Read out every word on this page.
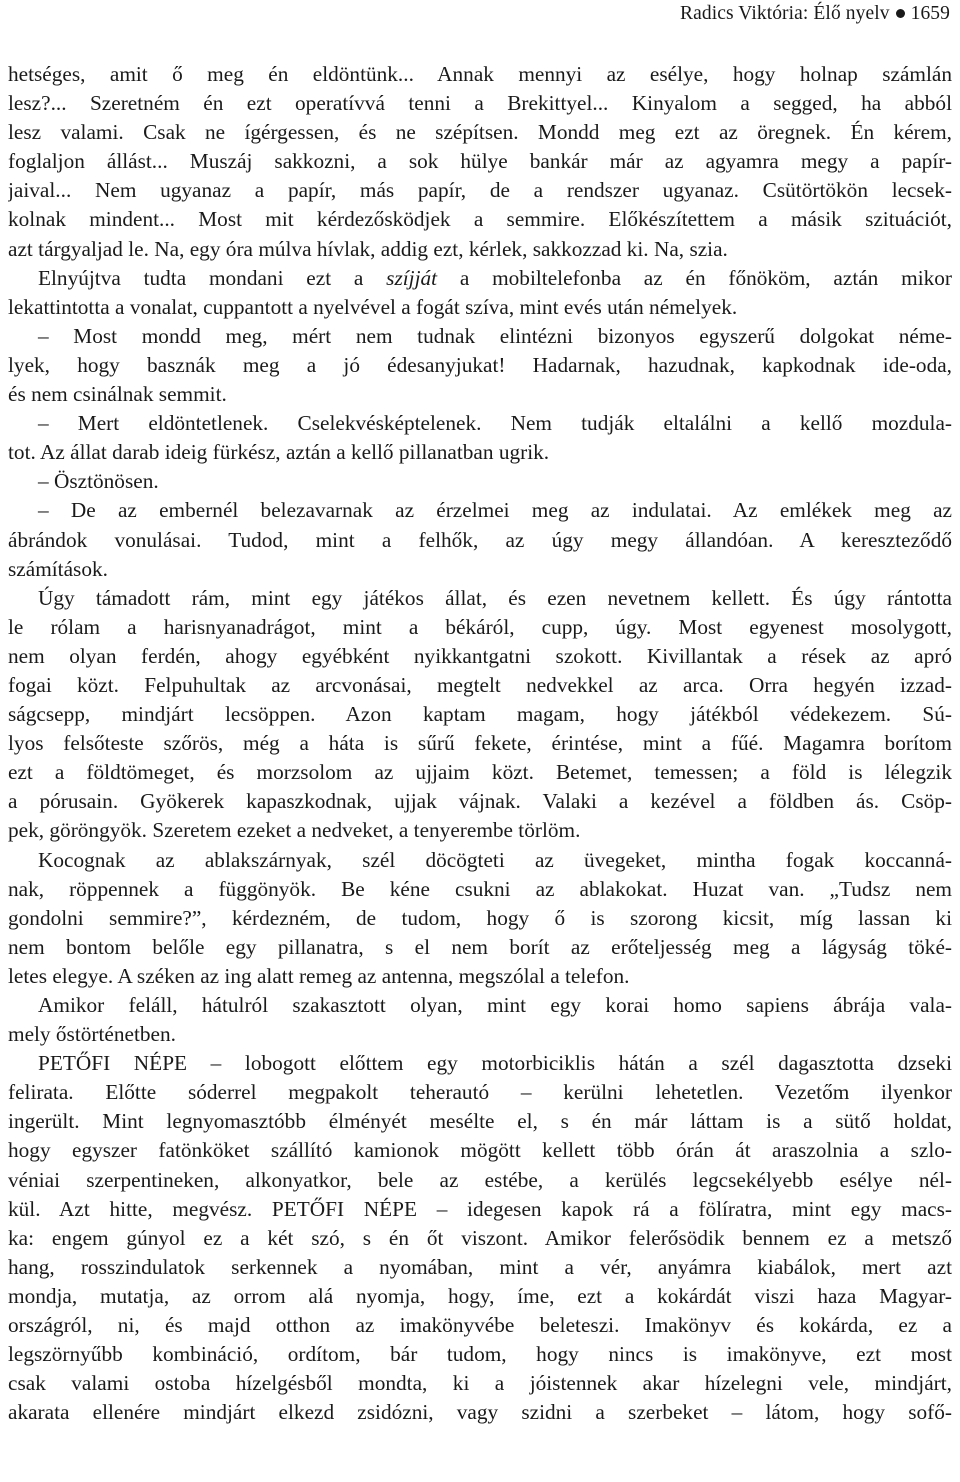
Radics Viktória: Élő nyelv 1659
hetséges, amit ő meg én eldöntünk... Annak mennyi az esélye, hogy holnap számlán
lesz?... Szeretném én ezt operatívvá tenni a Brekittyel... Kinyalom a segged, ha abból
lesz valami. Csak ne ígérgessen, és ne szépítsen. Mondd meg ezt az öregnek. Én kérem,
foglaljon állást... Muszáj sakkozni, a sok hülye bankár már az agyamra megy a papír-
jaival... Nem ugyanaz a papír, más papír, de a rendszer ugyanaz. Csütörtökön lecsek-
kolnak mindent... Most mit kérdezősködjek a semmire. Előkészítettem a másik szituációt,
azt tárgyaljad le. Na, egy óra múlva hívlak, addig ezt, kérlek, sakkozzad ki. Na, szia.
Elnyújtva tudta mondani ezt a szíjját a mobiltelefonba az én főnököm, aztán mikor
lekattintotta a vonalat, cuppantott a nyelvével a fogát szíva, mint evés után némelyek.
– Most mondd meg, mért nem tudnak elintézni bizonyos egyszerű dolgokat néme-
lyek, hogy basznák meg a jó édesanyjukat! Hadarnak, hazudnak, kapkodnak ide-oda,
és nem csinálnak semmit.
– Mert eldöntetlenek. Cselekvésképtelenek. Nem tudják eltalálni a kellő mozdula-
tot. Az állat darab ideig fürkész, aztán a kellő pillanatban ugrik.
– Ösztönösen.
– De az embernél belezavarnak az érzelmei meg az indulatai. Az emlékek meg az
ábrándok vonulásai. Tudod, mint a felhők, az úgy megy állandóan. A kereszteződő
számítások.
Úgy támadott rám, mint egy játékos állat, és ezen nevetnem kellett. És úgy rántotta
le rólam a harisnyanadrágot, mint a békáról, cupp, úgy. Most egyenest mosolygott,
nem olyan ferdén, ahogy egyébként nyikkantgatni szokott. Kivillantak a rések az apró
fogai közt. Felpuhultak az arcvonásai, megtelt nedvekkel az arca. Orra hegyén izzad-
ságcsepp, mindjárt lecsöppen. Azon kaptam magam, hogy játékból védekezem. Sú-
lyos felsőteste szőrös, még a háta is sűrű fekete, érintése, mint a fűé. Magamra borítom
ezt a földtömeget, és morzsolom az ujjaim közt. Betemet, temessen; a föld is lélegzik
a pórusain. Gyökerek kapaszkodnak, ujjak vájnak. Valaki a kezével a földben ás. Csöp-
pek, göröngyök. Szeretem ezeket a nedveket, a tenyerembe törlöm.
Kocognak az ablakszárnyak, szél döcögteti az üvegeket, mintha fogak koccanná-
nak, röppennek a függönyök. Be kéne csukni az ablakokat. Huzat van. „Tudsz nem
gondolni semmire?”, kérdezném, de tudom, hogy ő is szorong kicsit, míg lassan ki
nem bontom belőle egy pillanatra, s el nem borít az erőteljesség meg a lágyság töké-
letes elegye. A széken az ing alatt remeg az antenna, megszólal a telefon.
Amikor feláll, hátulról szakasztott olyan, mint egy korai homo sapiens ábrája vala-
mely őstörténetben.
PETŐFI NÉPE – lobogott előttem egy motorbiciklis hátán a szél dagasztotta dzseki
felirata. Előtte sóderrel megpakolt teherautó – kerülni lehetetlen. Vezetőm ilyenkor
ingerült. Mint legnyomasztóbb élményét mesélte el, s én már láttam is a sütő holdat,
hogy egyszer fatönköket szállító kamionok mögött kellett több órán át araszolnia a szlo-
véniai szerpentineken, alkonyatkor, bele az estébe, a kerülés legcsekélyebb esélye nél-
kül. Azt hitte, megvész. PETŐFI NÉPE – idegesen kapok rá a fölíratra, mint egy macs-
ka: engem gúnyol ez a két szó, s én őt viszont. Amikor felerősödik bennem ez a metsző
hang, rosszindulatok serkennek a nyomában, mint a vér, anyámra kiabálok, mert azt
mondja, mutatja, az orrom alá nyomja, hogy, íme, ezt a kokárdát viszi haza Magyar-
országról, ni, és majd otthon az imakönyvébe beleteszi. Imakönyv és kokárda, ez a
legszörnyűbb kombináció, ordítom, bár tudom, hogy nincs is imakönyve, ezt most
csak valami ostoba hízelgésből mondta, ki a jóistennek akar hízelegni vele, mindjárt,
akarata ellenére mindjárt elkezd zsidózni, vagy szidni a szerbeket – látom, hogy sofő-
